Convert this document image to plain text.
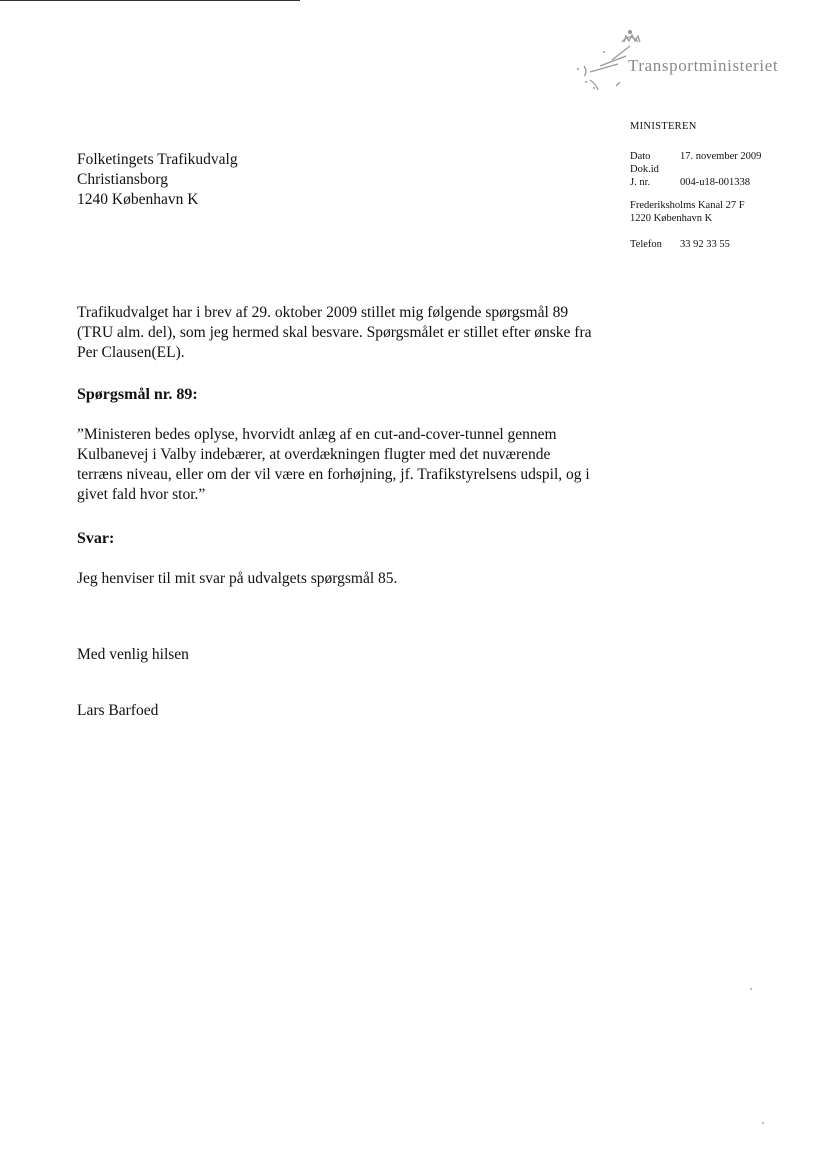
Transportministeriet
MINISTEREN
Dato	17. november 2009
Dok.id
J. nr.	004-u18-001338
Frederiksholms Kanal 27 F
1220 København K
Telefon	33 92 33 55
Folketingets Trafikudvalg
Christiansborg
1240 København K

Trafikudvalget har i brev af 29. oktober 2009 stillet mig følgende spørgsmål 89 (TRU alm. del), som jeg hermed skal besvare. Spørgsmålet er stillet efter ønske fra Per Clausen(EL).

Spørgsmål nr. 89:

”Ministeren bedes oplyse, hvorvidt anlæg af en cut-and-cover-tunnel gennem Kulbanevej i Valby indebærer, at overdækningen flugter med det nuværende terræns niveau, eller om der vil være en forhøjning, jf. Trafikstyrelsens udspil, og i givet fald hvor stor.”

Svar:

Jeg henviser til mit svar på udvalgets spørgsmål 85.

Med venlig hilsen

Lars Barfoed
